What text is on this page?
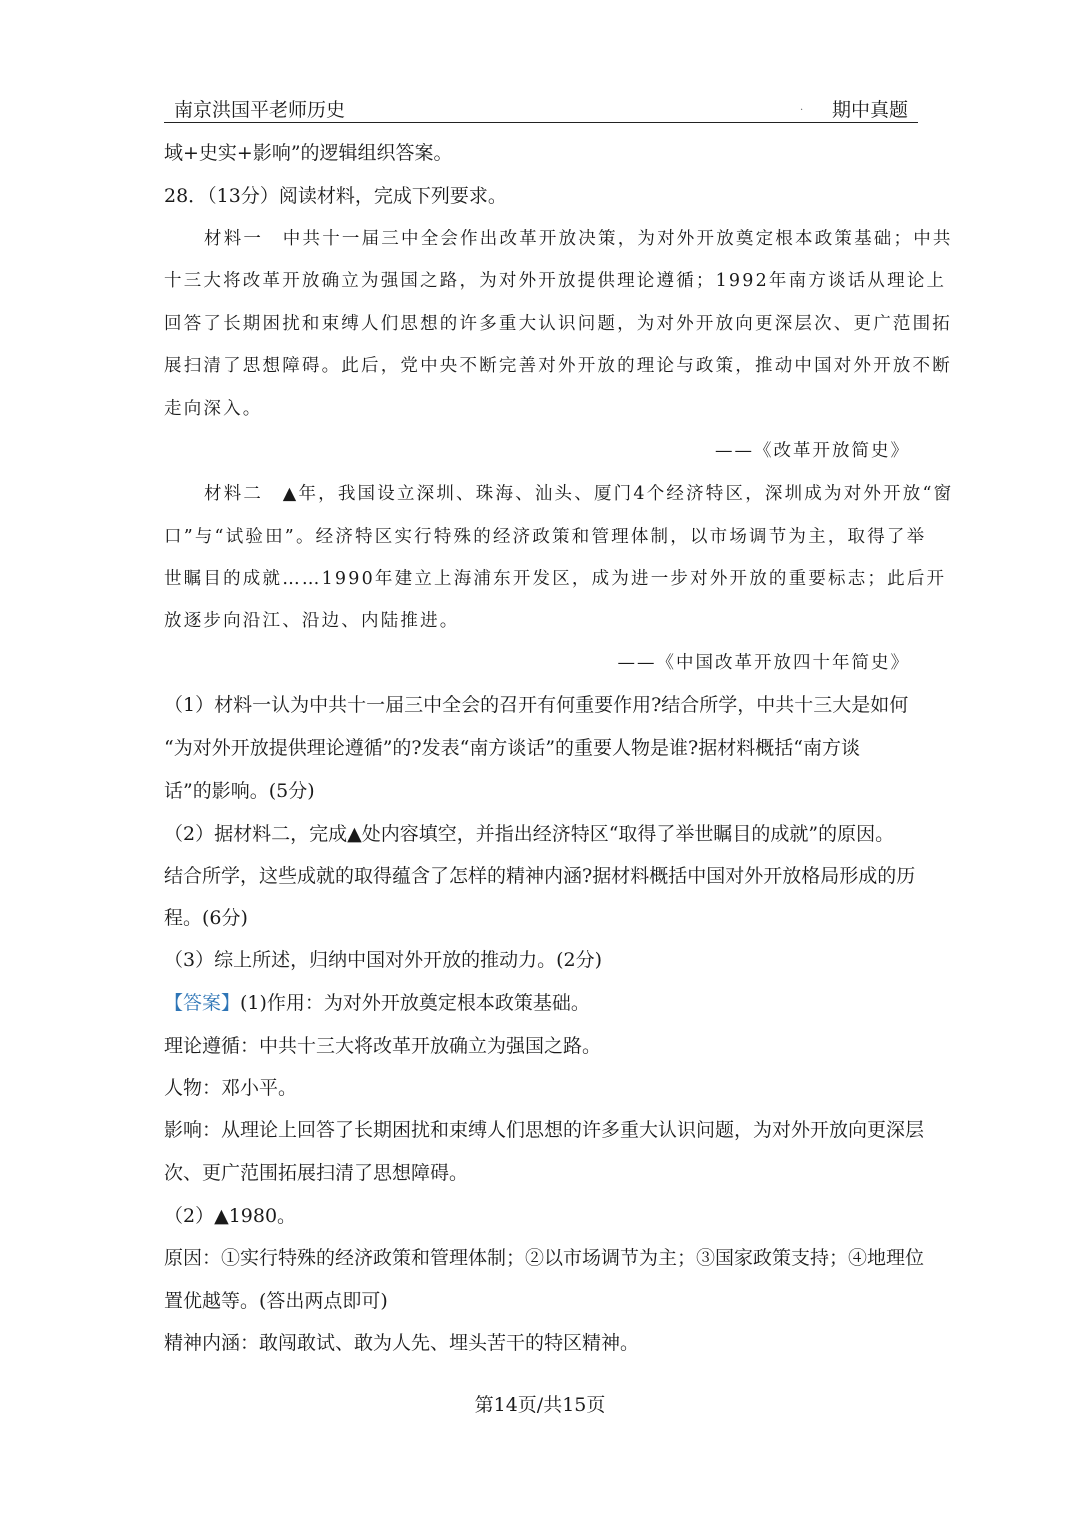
南京洪国平老师历史	. 期中真题
域+史实+影响”的逻辑组织答案。
28．（13分）阅读材料，完成下列要求。
材料一　中共十一届三中全会作出改革开放决策，为对外开放奠定根本政策基础；中共
十三大将改革开放确立为强国之路，为对外开放提供理论遵循；1992年南方谈话从理论上
回答了长期困扰和束缚人们思想的许多重大认识问题，为对外开放向更深层次、更广范围拓
展扫清了思想障碍。此后，党中央不断完善对外开放的理论与政策，推动中国对外开放不断
走向深入。
——《改革开放简史》
材料二　▲年，我国设立深圳、珠海、汕头、厦门4个经济特区，深圳成为对外开放“窗
口”与“试验田”。经济特区实行特殊的经济政策和管理体制，以市场调节为主，取得了举
世瞩目的成就……1990年建立上海浦东开发区，成为进一步对外开放的重要标志；此后开
放逐步向沿江、沿边、内陆推进。
——《中国改革开放四十年简史》
（1）材料一认为中共十一届三中全会的召开有何重要作用?结合所学，中共十三大是如何
“为对外开放提供理论遵循”的?发表“南方谈话”的重要人物是谁?据材料概括“南方谈
话”的影响。(5分)
（2）据材料二，完成▲处内容填空，并指出经济特区“取得了举世瞩目的成就”的原因。
结合所学，这些成就的取得蕴含了怎样的精神内涵?据材料概括中国对外开放格局形成的历
程。(6分)
（3）综上所述，归纳中国对外开放的推动力。(2分)
【答案】(1)作用：为对外开放奠定根本政策基础。
理论遵循：中共十三大将改革开放确立为强国之路。
人物：邓小平。
影响：从理论上回答了长期困扰和束缚人们思想的许多重大认识问题，为对外开放向更深层
次、更广范围拓展扫清了思想障碍。
（2）▲1980。
原因：①实行特殊的经济政策和管理体制；②以市场调节为主；③国家政策支持；④地理位
置优越等。(答出两点即可)
精神内涵：敢闯敢试、敢为人先、埋头苦干的特区精神。
第14页/共15页
